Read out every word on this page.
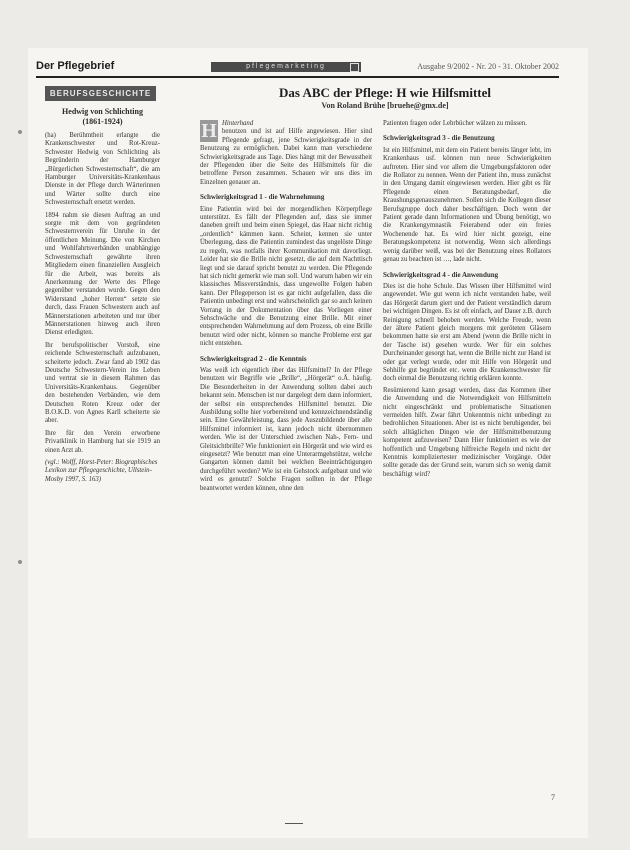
Der Pflegebrief	pflegemarketing	Ausgabe 9/2002 - Nr. 20 - 31. Oktober 2002
BERUFSGESCHICHTE
Hedwig von Schlichting
(1861-1924)

(ha) Berühmtheit erlangte die Krankenschwester und Rot-Kreuz-Schwester Hedwig von Schlichting als Begründerin der Hamburger „Bürgerlichen Schwesternschaft“, die am Hamburger Universitäts-Krankenhaus Dienste in der Pflege durch Wärterinnen und Wärter sollte durch eine Schwesternschaft ersetzt werden.

1894 nahm sie diesen Auftrag an und sorgte mit dem von gegründeten Schwesternverein für Unruhe in der öffentlichen Meinung. Die von Kirchen und Wohlfahrtsverbänden unabhängige Schwesternschaft gewährte ihren Mitgliedern einen finanziellen Ausgleich für die Arbeit, was bereits als Anerkennung der Werte des Pflege gegenüber verstanden wurde. Gegen den Widerstand „hoher Herren“ setzte sie durch, dass Frauen Schwestern auch auf Männerstationen arbeiteten und nur über Männerstationen hinweg auch ihren Dienst erledigten.

Ihr berufspolitischer Vorstoß, eine reichende Schwesternschaft aufzubauen, scheiterte jedoch. Zwar fand ab 1902 das Deutsche Schwestern-Verein ins Leben und vertrat sie in diesem Rahmen das Universitäts-Krankenhaus. Gegenüber den bestehenden Verbänden, wie dem Deutschen Roten Kreuz oder der B.O.K.D. von Agnes Karll scheiterte sie aber.

Ihre für den Verein erworbene Privatklinik in Hamburg hat sie 1919 an einen Arzt ab.

(vgl.: Wolff, Horst-Peter: Biographisches Lexikon zur Pflegegeschichte, Ullstein-Mosby 1997, S. 163)
Das ABC der Pflege: H wie Hilfsmittel
Von Roland Brühe [bruehe@gmx.de]

H Hinterhand
benutzen und ist auf Hilfe angewiesen. Hier sind Pflegende gefragt, jene Schwierigkeitsgrade in der Benutzung zu ermöglichen. Dabei kann man verschiedene Schwierigkeitsgrade aus Tage. Dies hängt mit der Bewusstheit der Pflegenden über die Seite des Hilfsmittels für die betroffene Person zusammen. Schauen wir uns dies im Einzelnen genauer an.

Schwierigkeitsgrad 1 - die Wahrnehmung

Eine Patientin wird bei der morgendlichen Körperpflege unterstützt. Es fällt der Pflegenden auf, dass sie immer daneben greift und beim einen Spiegel, das Haar nicht richtig „ordentlich“ kämmen kann. Scheint, kennen sie unter Überlegung, dass die Patientin zumindest das ungelöste Dinge zu regeln, was notfalls ihrer Kommunikation mit davorliegt. Leider hat sie die Brille nicht gesetzt, die auf dem Nachttisch liegt und sie darauf spricht benutzt zu werden. Die Pflegende hat sich nicht gemerkt wie man soll. Und warum haben wir ein klassisches Missverständnis, dass ungewollte Folgen haben kann. Der Pflegeperson ist es gar nicht aufgefallen, dass die Patientin unbedingt erst und wahrscheinlich gar so auch keinen Vorrang in der Dokumentation über das Vorliegen einer Sehschwäche und die Benutzung einer Brille. Mit einer entsprechenden Wahrnehmung auf dem Prozess, ob eine Brille benutzt wird oder nicht, können so manche Probleme erst gar nicht entstehen.

Schwierigkeitsgrad 2 - die Kenntnis

Was weiß ich eigentlich über das Hilfsmittel? In der Pflege benutzen wir Begriffe wie „Brille“, „Hörgerät“ o.Ä. häufig. Die Besonderheiten in der Anwendung sollten dabei auch bekannt sein. Menschen ist nur dargelegt dem dann informiert, der selbst ein entsprechendes Hilfsmittel benutzt. Die Ausbildung sollte hier vorbereitend und kennzeichnendständig sein. Eine Gewährleistung, dass jede Auszubildende über alle Hilfsmittel informiert ist, kann jedoch nicht übernommen werden. Wie ist der Unterschied zwischen Nah-, Fern- und Gleitsichtbrille? Wie funktioniert ein Hörgerät und wie wird es eingesetzt? Wie benutzt man eine Unterarmgehstütze, welche Gangarten können damit bei welchen Beeinträchtigungen durchgeführt werden? Wie ist ein Gehstock aufgebaut und wie wird es genutzt? Solche Fragen sollten in der Pflege beantwortet werden können, ohne den

Patienten fragen oder Lehrbücher wälzen zu müssen.

Schwierigkeitsgrad 3 - die Benutzung

Ist ein Hilfsmittel, mit dem ein Patient bereits länger lebt, im Krankenhaus usf. können nun neue Schwierigkeiten auftreten. Hier sind vor allem die Umgebungsfaktoren oder die Rollator zu nennen. Wenn der Patient ihn, muss zunächst in den Umgang damit eingewiesen werden. Hier gibt es für Pflegende einen Beratungsbedarf, die Kraushungsgenauszunehmen. Sollen sich die Kollegen dieser Berufsgruppe doch daher beschäftigen. Doch wenn der Patient gerade dann Informationen und Übung benötigt, wo die Krankengymnastik Feierabend oder ein freies Wochenende hat. Es wird hier nicht gezeigt, eine Beratungskompetenz ist notwendig. Wenn sich allerdings wenig darüber weiß, was bei der Benutzung eines Rollators genau zu beachten ist …, lade nicht.

Schwierigkeitsgrad 4 - die Anwendung

Dies ist die hohe Schule. Das Wissen über Hilfsmittel wird angewendet. Wie gut wenn ich nicht verstanden habe, weil das Hörgerät darum giert und der Patient verständlich darum bei wichtigen Dingen. Es ist oft einfach, auf Dauer z.B. durch Reinigung schnell behoben werden. Welche Freude, wenn der ältere Patient gleich morgens mit geröteten Gläsern bekommen hatte sie erst am Abend (wenn die Brille nicht in der Tasche ist) gesehen wurde. Wer für ein solches Durcheinander gesorgt hat, wenn die Brille nicht zur Hand ist oder gar verlegt wurde, oder mit Hilfe von Hörgerät und Sehhilfe gut begründet etc. wenn die Krankenschwester für doch einmal die Benutzung richtig erklären konnte.

Resümierend kann gesagt werden, dass das Kommen über die Anwendung und die Notwendigkeit von Hilfsmitteln nicht eingeschränkt und problematische Situationen vermeiden hilft. Zwar fährt Unkenntnis nicht unbedingt zu bedrohlichen Situationen. Aber ist es nicht beruhigender, bei solch alltäglichen Dingen wie der Hilfsmittelbenutzung kompetent aufzuweisen? Dann Hier funktioniert es wie der hoffentlich und Umgebung hilfreiche Regeln und nicht der Kenntnis kompliziertester medizinischer Vorgänge. Oder sollte gerade das der Grund sein, warum sich so wenig damit beschäftigt wird?

7
